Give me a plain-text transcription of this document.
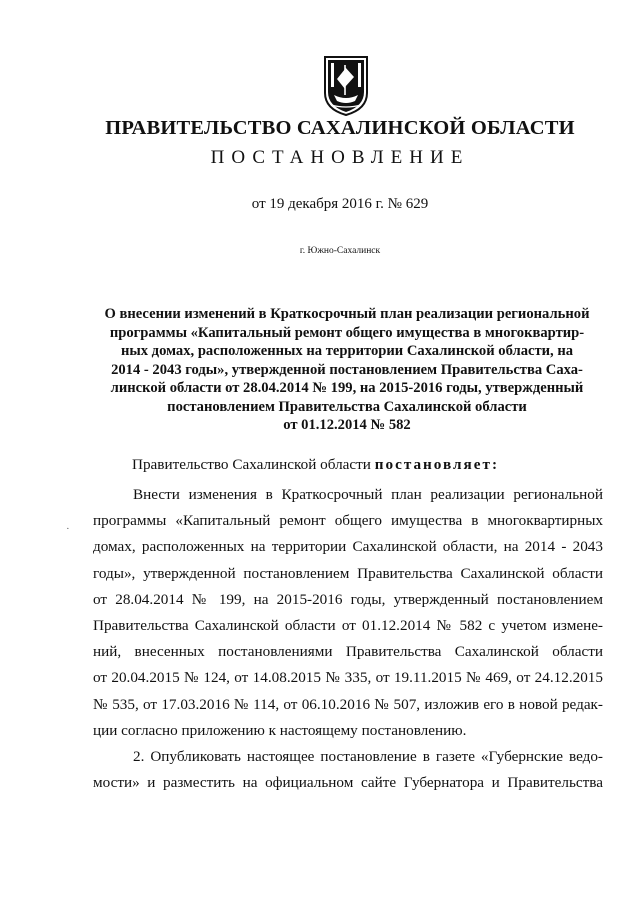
ПРАВИТЕЛЬСТВО САХАЛИНСКОЙ ОБЛАСТИ
ПОСТАНОВЛЕНИЕ
от 19 декабря 2016 г. № 629
г. Южно-Сахалинск
О внесении изменений в Краткосрочный план реализации региональной
программы «Капитальный ремонт общего имущества в многоквартир-
ных домах, расположенных на территории Сахалинской области, на
2014 - 2043 годы», утвержденной постановлением Правительства Саха-
линской области от 28.04.2014 № 199, на 2015-2016 годы, утвержденный
постановлением Правительства Сахалинской области
от 01.12.2014 № 582
Правительство Сахалинской области постановляет:
·
Внести изменения в Краткосрочный план реализации региональной
программы «Капитальный ремонт общего имущества в многоквартирных
домах, расположенных на территории Сахалинской области, на 2014 - 2043
годы», утвержденной постановлением Правительства Сахалинской области
от 28.04.2014 № 199, на 2015-2016 годы, утвержденный постановлением
Правительства Сахалинской области от 01.12.2014 № 582 с учетом измене-
ний, внесенных постановлениями Правительства Сахалинской области
от 20.04.2015 № 124, от 14.08.2015 № 335, от 19.11.2015 № 469, от 24.12.2015
№ 535, от 17.03.2016 № 114, от 06.10.2016 № 507, изложив его в новой редак-
ции согласно приложению к настоящему постановлению.
2. Опубликовать настоящее постановление в газете «Губернские ведо-
мости» и разместить на официальном сайте Губернатора и Правительства
